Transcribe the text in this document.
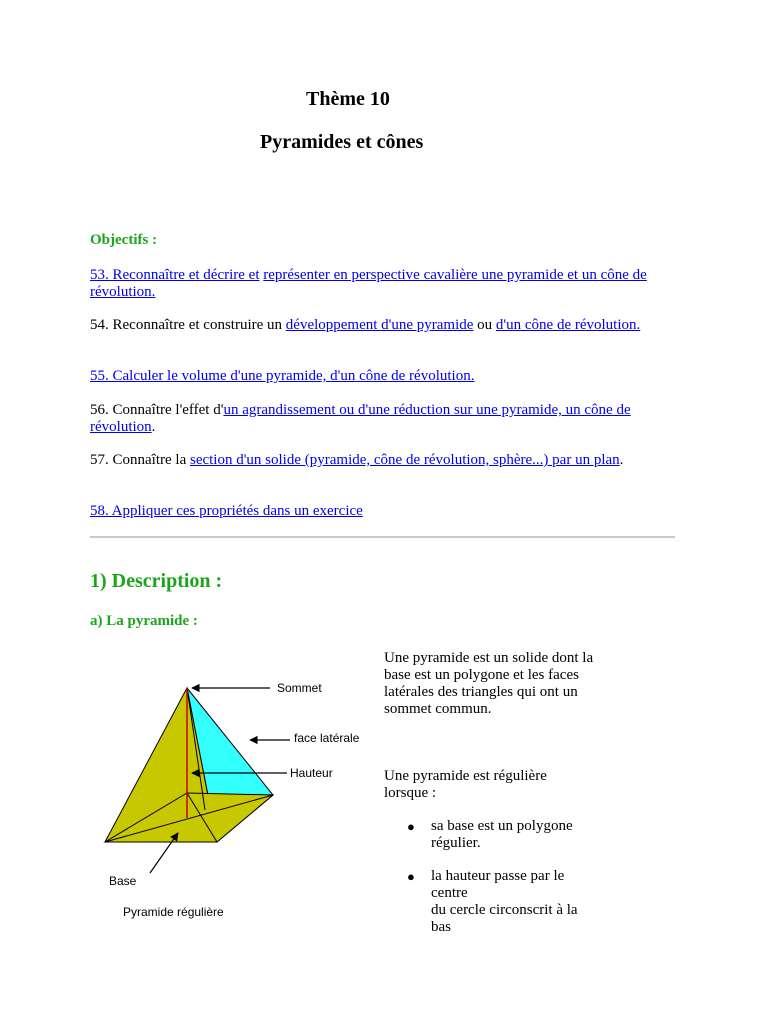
Thème 10
Pyramides et cônes
Objectifs :
53. Reconnaître et décrire et représenter en perspective cavalière une pyramide et un cône de révolution.
54. Reconnaître et construire un développement d'une pyramide ou d'un cône de révolution.
55. Calculer le volume d'une pyramide, d'un cône de révolution.
56. Connaître l'effet d'un agrandissement ou d'une réduction sur une pyramide, un cône de révolution.
57. Connaître la section d'un solide (pyramide, cône de révolution, sphère...) par un plan.
58. Appliquer ces propriétés dans un exercice
1) Description :
a) La pyramide :
Sommet
face latérale
Hauteur
Base
Pyramide régulière
Une pyramide est un solide dont la base est un polygone et les faces latérales des triangles qui ont un sommet commun.
Une pyramide est régulière lorsque :
● sa base est un polygone régulier.
● la hauteur passe par le centre
du cercle circonscrit à la bas
